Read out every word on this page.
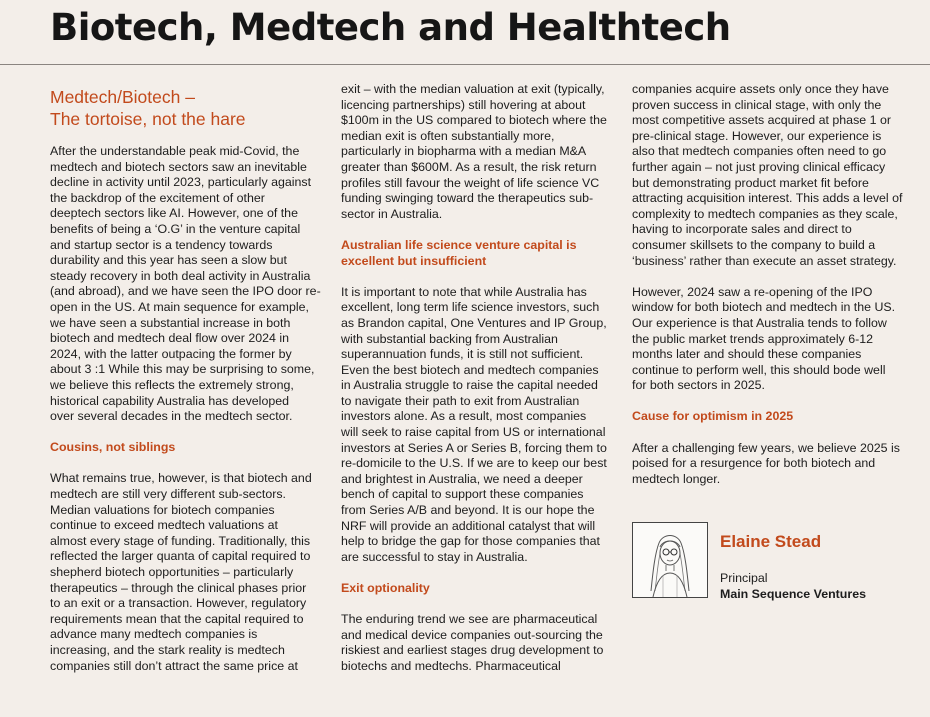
Biotech, Medtech and Healthtech
Medtech/Biotech –
The tortoise, not the hare

After the understandable peak mid-Covid, the
medtech and biotech sectors saw an inevitable
decline in activity until 2023, particularly against
the backdrop of the excitement of other
deeptech sectors like AI. However, one of the
benefits of being a ‘O.G’ in the venture capital
and startup sector is a tendency towards
durability and this year has seen a slow but
steady recovery in both deal activity in Australia
(and abroad), and we have seen the IPO door re-
open in the US. At main sequence for example,
we have seen a substantial increase in both
biotech and medtech deal flow over 2024 in
2024, with the latter outpacing the former by
about 3 :1 While this may be surprising to some,
we believe this reflects the extremely strong,
historical capability Australia has developed
over several decades in the medtech sector.

Cousins, not siblings

What remains true, however, is that biotech and
medtech are still very different sub-sectors.
Median valuations for biotech companies
continue to exceed medtech valuations at
almost every stage of funding. Traditionally, this
reflected the larger quanta of capital required to
shepherd biotech opportunities – particularly
therapeutics – through the clinical phases prior
to an exit or a transaction. However, regulatory
requirements mean that the capital required to
advance many medtech companies is
increasing, and the stark reality is medtech
companies still don’t attract the same price at

exit – with the median valuation at exit (typically,
licencing partnerships) still hovering at about
$100m in the US compared to biotech where the
median exit is often substantially more,
particularly in biopharma with a median M&A
greater than $600M. As a result, the risk return
profiles still favour the weight of life science VC
funding swinging toward the therapeutics sub-
sector in Australia.

Australian life science venture capital is
excellent but insufficient

It is important to note that while Australia has
excellent, long term life science investors, such
as Brandon capital, One Ventures and IP Group,
with substantial backing from Australian
superannuation funds, it is still not sufficient.
Even the best biotech and medtech companies
in Australia struggle to raise the capital needed
to navigate their path to exit from Australian
investors alone. As a result, most companies
will seek to raise capital from US or international
investors at Series A or Series B, forcing them to
re-domicile to the U.S. If we are to keep our best
and brightest in Australia, we need a deeper
bench of capital to support these companies
from Series A/B and beyond. It is our hope the
NRF will provide an additional catalyst that will
help to bridge the gap for those companies that
are successful to stay in Australia.

Exit optionality

The enduring trend we see are pharmaceutical
and medical device companies out-sourcing the
riskiest and earliest stages drug development to
biotechs and medtechs. Pharmaceutical

companies acquire assets only once they have
proven success in clinical stage, with only the
most competitive assets acquired at phase 1 or
pre-clinical stage. However, our experience is
also that medtech companies often need to go
further again – not just proving clinical efficacy
but demonstrating product market fit before
attracting acquisition interest. This adds a level of
complexity to medtech companies as they scale,
having to incorporate sales and direct to
consumer skillsets to the company to build a
‘business’ rather than execute an asset strategy.

However, 2024 saw a re-opening of the IPO
window for both biotech and medtech in the US.
Our experience is that Australia tends to follow
the public market trends approximately 6-12
months later and should these companies
continue to perform well, this should bode well
for both sectors in 2025.

Cause for optimism in 2025

After a challenging few years, we believe 2025 is
poised for a resurgence for both biotech and
medtech longer.

Elaine Stead
Principal
Main Sequence Ventures
